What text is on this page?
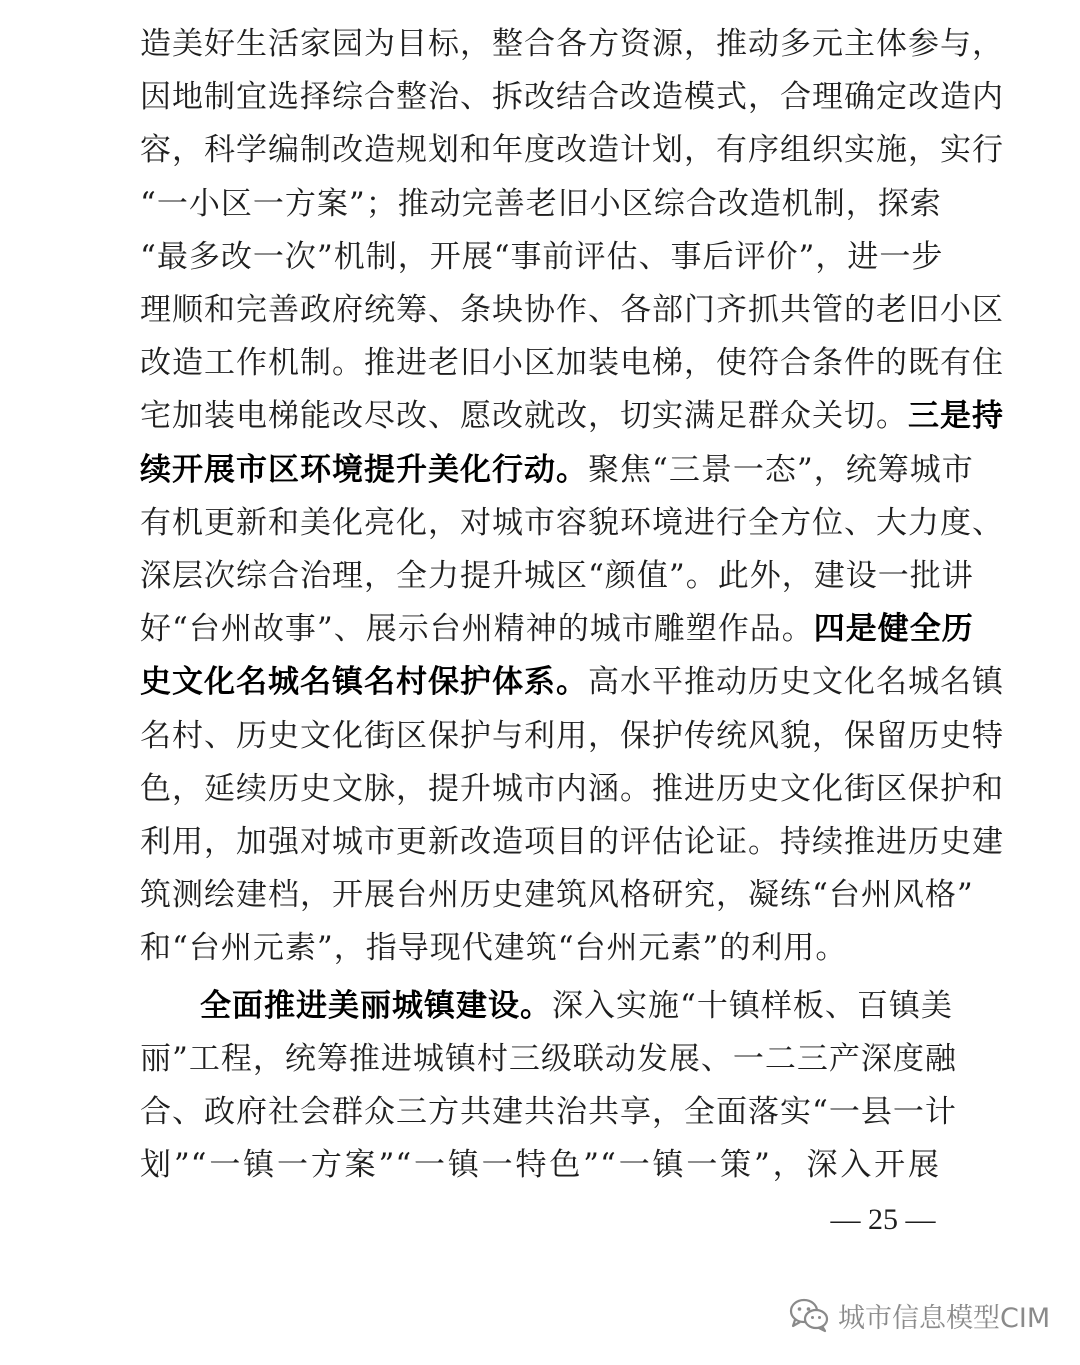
造美好生活家园为目标，整合各方资源，推动多元主体参与，
因地制宜选择综合整治、拆改结合改造模式，合理确定改造内
容，科学编制改造规划和年度改造计划，有序组织实施，实行
“一小区一方案”；推动完善老旧小区综合改造机制，探索
“最多改一次”机制，开展“事前评估、事后评价”，进一步
理顺和完善政府统筹、条块协作、各部门齐抓共管的老旧小区
改造工作机制。推进老旧小区加装电梯，使符合条件的既有住
宅加装电梯能改尽改、愿改就改，切实满足群众关切。三是持
续开展市区环境提升美化行动。聚焦“三景一态”，统筹城市
有机更新和美化亮化，对城市容貌环境进行全方位、大力度、
深层次综合治理，全力提升城区“颜值”。此外，建设一批讲
好“台州故事”、展示台州精神的城市雕塑作品。四是健全历
史文化名城名镇名村保护体系。高水平推动历史文化名城名镇
名村、历史文化街区保护与利用，保护传统风貌，保留历史特
色，延续历史文脉，提升城市内涵。推进历史文化街区保护和
利用，加强对城市更新改造项目的评估论证。持续推进历史建
筑测绘建档，开展台州历史建筑风格研究，凝练“台州风格”
和“台州元素”，指导现代建筑“台州元素”的利用。
全面推进美丽城镇建设。深入实施“十镇样板、百镇美
丽”工程，统筹推进城镇村三级联动发展、一二三产深度融
合、政府社会群众三方共建共治共享，全面落实“一县一计
划”“一镇一方案”“一镇一特色”“一镇一策”，深入开展
— 25 —
城市信息模型CIM
